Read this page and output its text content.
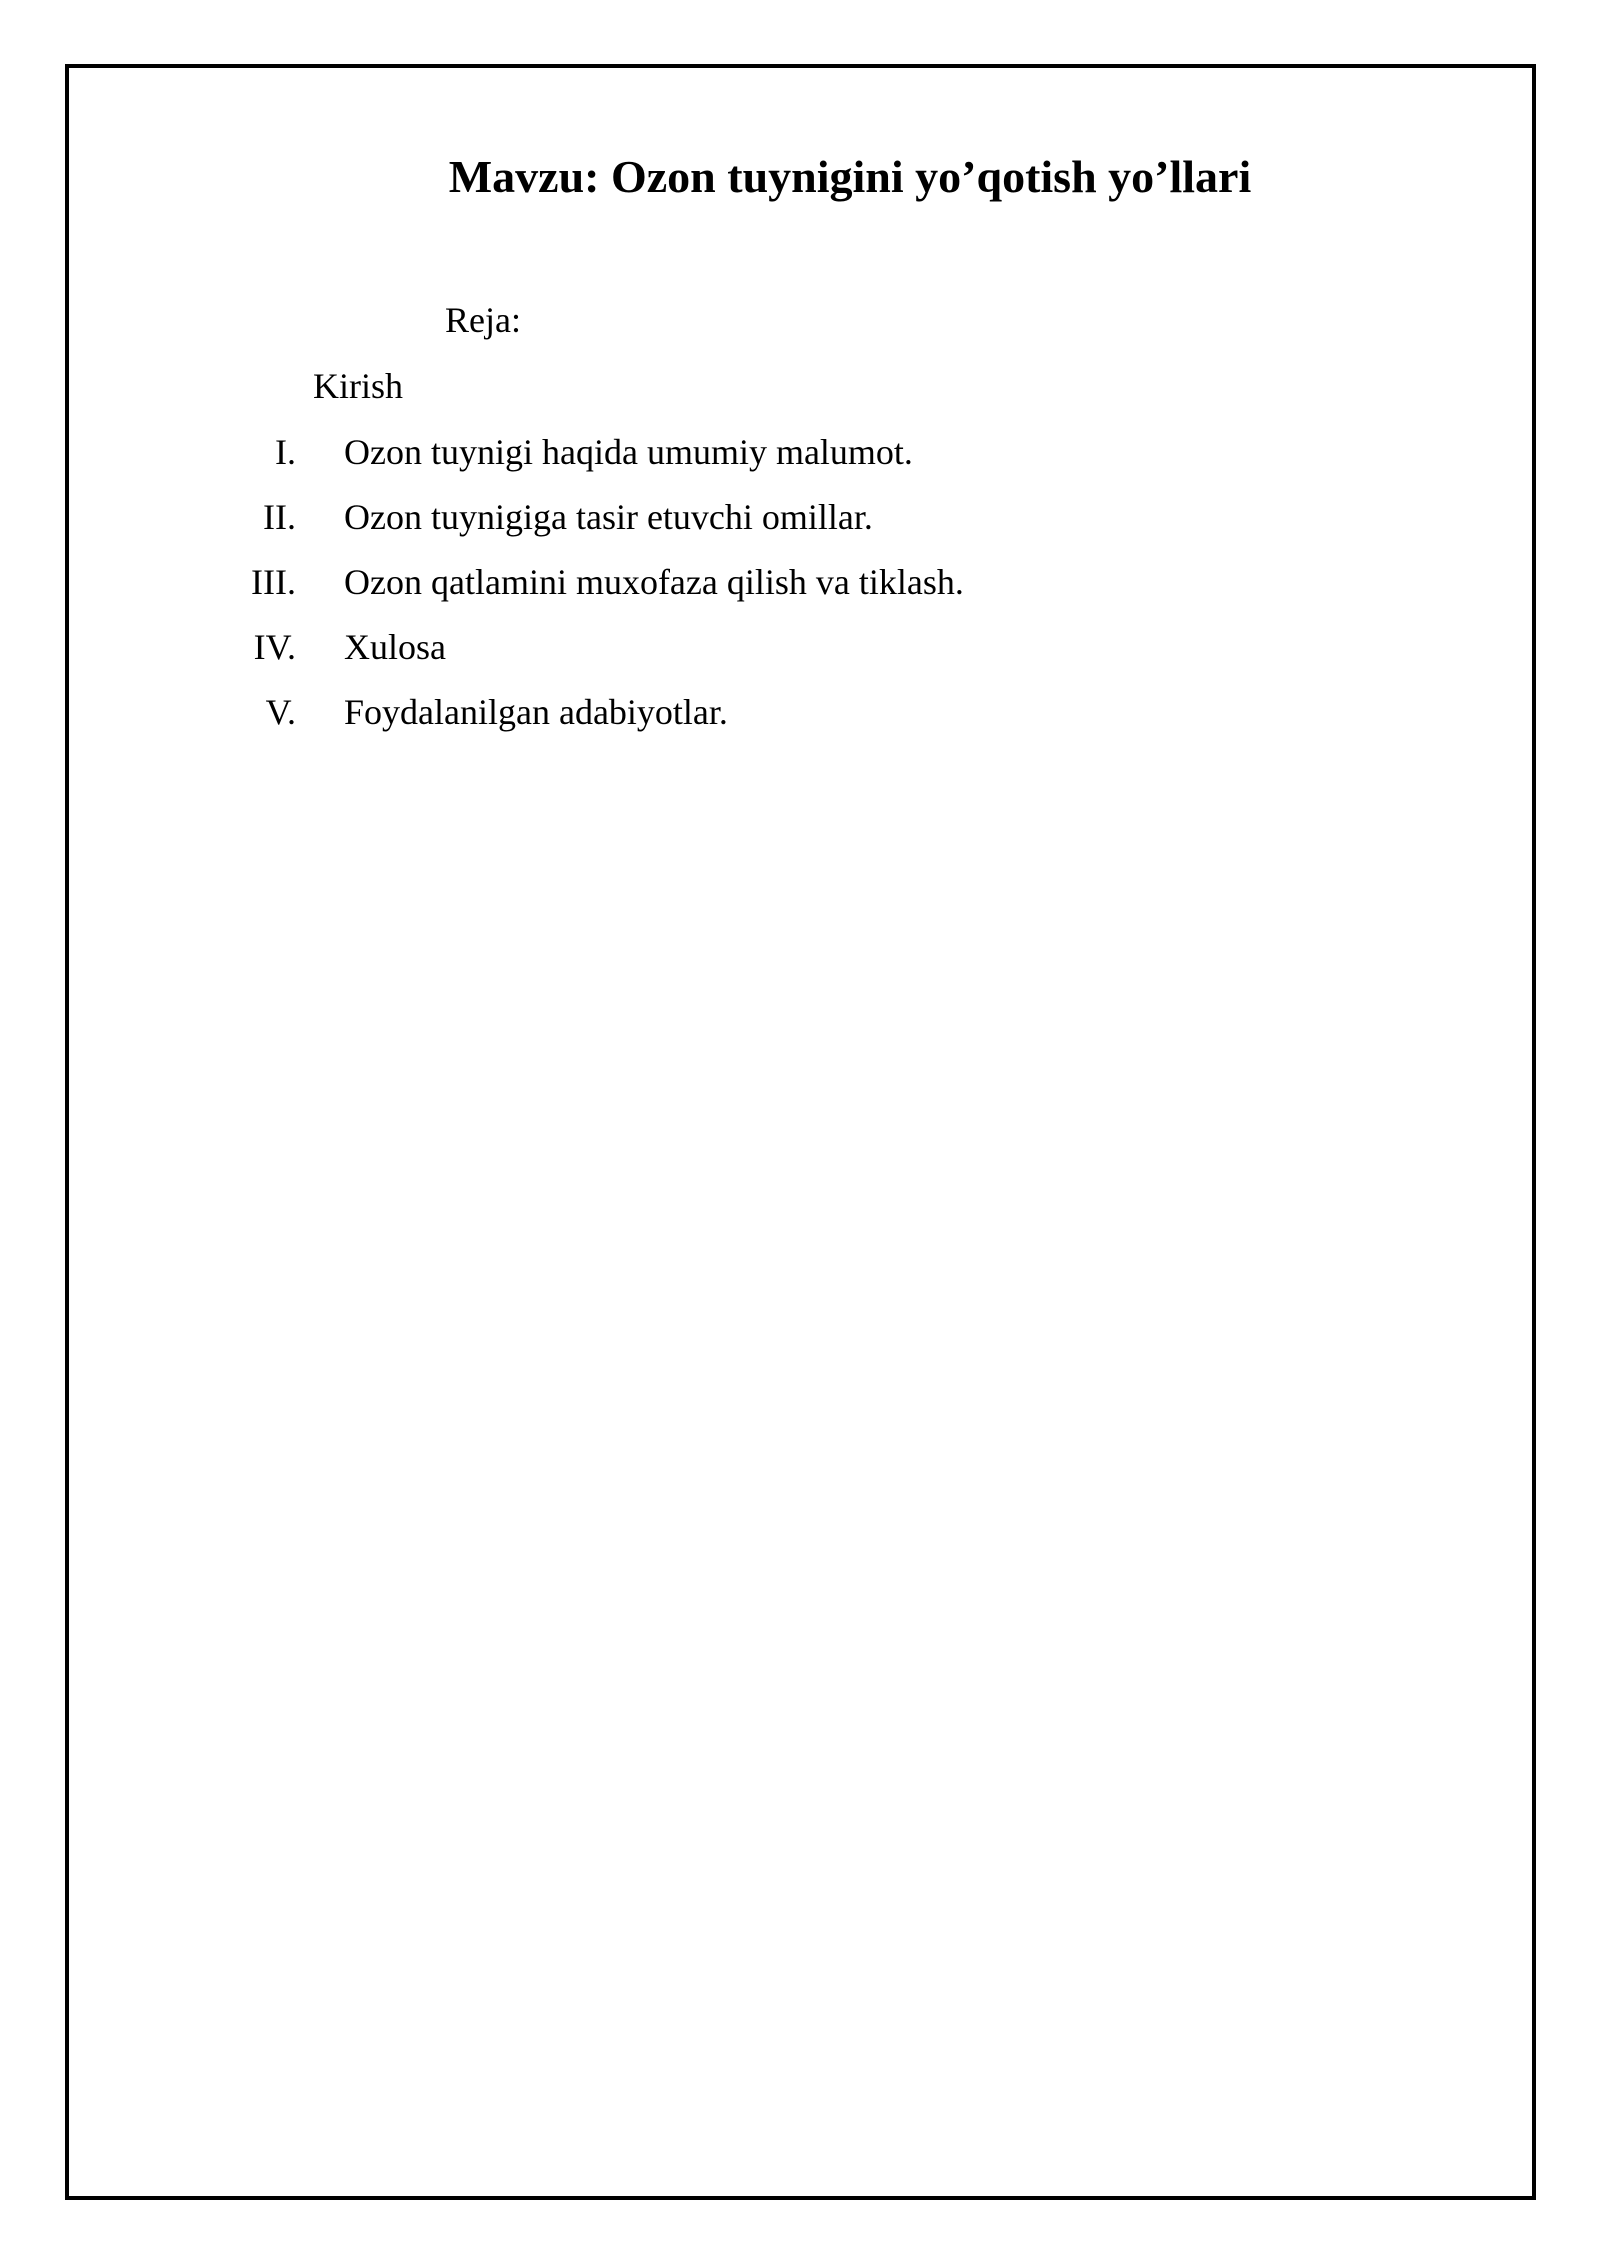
Mavzu: Ozon tuynigini yo’qotish yo’llari
Reja:
Kirish
I. Ozon tuynigi haqida umumiy malumot.
II. Ozon tuynigiga tasir etuvchi omillar.
III. Ozon qatlamini muxofaza qilish va tiklash.
IV. Xulosa
V. Foydalanilgan adabiyotlar.
